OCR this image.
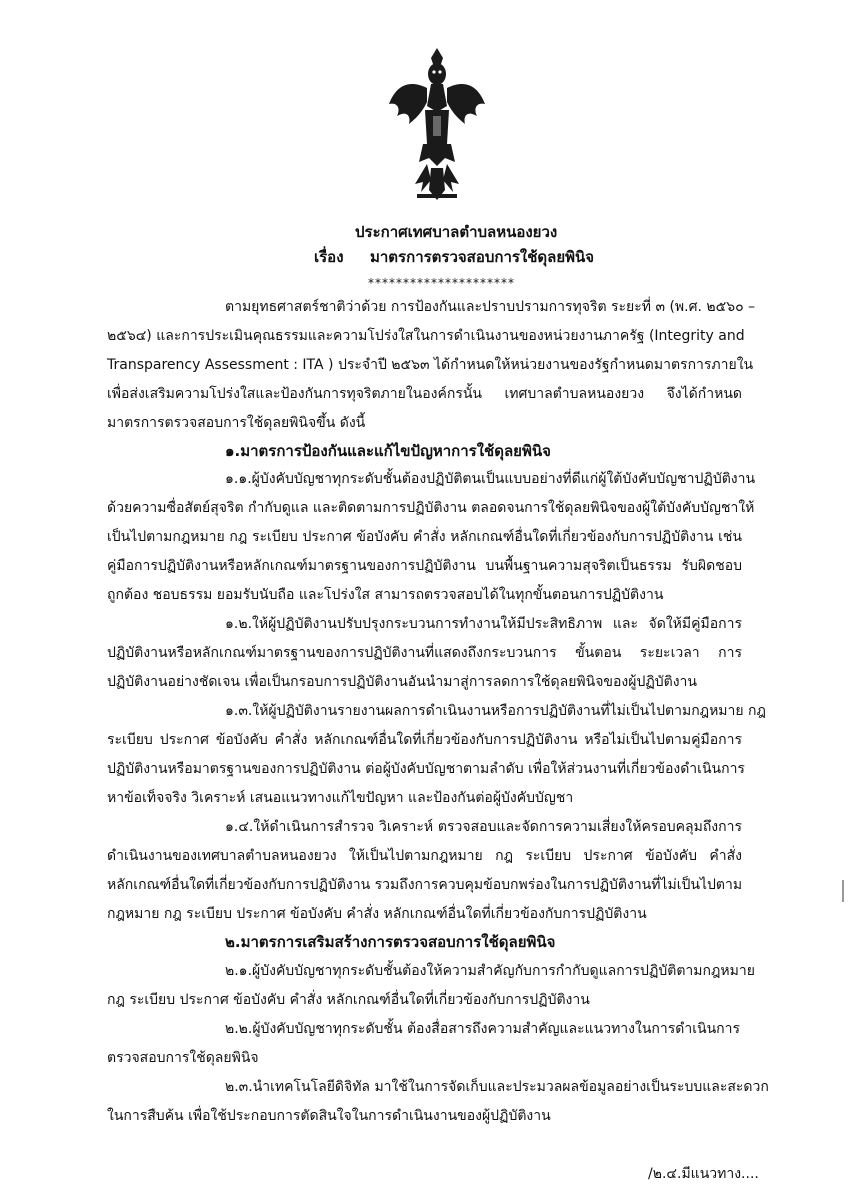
ประกาศเทศบาลตำบลหนองยวง
เรื่อง มาตรการตรวจสอบการใช้ดุลยพินิจ
*********************
ตามยุทธศาสตร์ชาติว่าด้วย การป้องกันและปราบปรามการทุจริต ระยะที่ ๓ (พ.ศ. ๒๕๖๐ –
๒๕๖๔) และการประเมินคุณธรรมและความโปร่งใสในการดำเนินงานของหน่วยงานภาครัฐ (Integrity and
Transparency Assessment : ITA ) ประจำปี ๒๕๖๓ ได้กำหนดให้หน่วยงานของรัฐกำหนดมาตรการภายใน
เพื่อส่งเสริมความโปร่งใสและป้องกันการทุจริตภายในองค์กรนั้น เทศบาลตำบลหนองยวง จึงได้กำหนด
มาตรการตรวจสอบการใช้ดุลยพินิจขึ้น ดังนี้
๑.มาตรการป้องกันและแก้ไขปัญหาการใช้ดุลยพินิจ
๑.๑.ผู้บังคับบัญชาทุกระดับชั้นต้องปฏิบัติตนเป็นแบบอย่างที่ดีแก่ผู้ใต้บังคับบัญชาปฏิบัติงาน
ด้วยความซื่อสัตย์สุจริต กำกับดูแล และติดตามการปฏิบัติงาน ตลอดจนการใช้ดุลยพินิจของผู้ใต้บังคับบัญชาให้
เป็นไปตามกฎหมาย กฎ ระเบียบ ประกาศ ข้อบังคับ คำสั่ง หลักเกณฑ์อื่นใดที่เกี่ยวข้องกับการปฏิบัติงาน เช่น
คู่มือการปฏิบัติงานหรือหลักเกณฑ์มาตรฐานของการปฏิบัติงาน บนพื้นฐานความสุจริตเป็นธรรม รับผิดชอบ
ถูกต้อง ชอบธรรม ยอมรับนับถือ และโปร่งใส สามารถตรวจสอบได้ในทุกขั้นตอนการปฏิบัติงาน
๑.๒.ให้ผู้ปฏิบัติงานปรับปรุงกระบวนการทำงานให้มีประสิทธิภาพ และ จัดให้มีคู่มือการ
ปฏิบัติงานหรือหลักเกณฑ์มาตรฐานของการปฏิบัติงานที่แสดงถึงกระบวนการ ขั้นตอน ระยะเวลา การ
ปฏิบัติงานอย่างชัดเจน เพื่อเป็นกรอบการปฏิบัติงานอันนำมาสู่การลดการใช้ดุลยพินิจของผู้ปฏิบัติงาน
๑.๓.ให้ผู้ปฏิบัติงานรายงานผลการดำเนินงานหรือการปฏิบัติงานที่ไม่เป็นไปตามกฎหมาย กฎ
ระเบียบ ประกาศ ข้อบังคับ คำสั่ง หลักเกณฑ์อื่นใดที่เกี่ยวข้องกับการปฏิบัติงาน หรือไม่เป็นไปตามคู่มือการ
ปฏิบัติงานหรือมาตรฐานของการปฏิบัติงาน ต่อผู้บังคับบัญชาตามลำดับ เพื่อให้ส่วนงานที่เกี่ยวข้องดำเนินการ
หาข้อเท็จจริง วิเคราะห์ เสนอแนวทางแก้ไขปัญหา และป้องกันต่อผู้บังคับบัญชา
๑.๔.ให้ดำเนินการสำรวจ วิเคราะห์ ตรวจสอบและจัดการความเสี่ยงให้ครอบคลุมถึงการ
ดำเนินงานของเทศบาลตำบลหนองยวง ให้เป็นไปตามกฎหมาย กฎ ระเบียบ ประกาศ ข้อบังคับ คำสั่ง
หลักเกณฑ์อื่นใดที่เกี่ยวข้องกับการปฏิบัติงาน รวมถึงการควบคุมข้อบกพร่องในการปฏิบัติงานที่ไม่เป็นไปตาม
กฎหมาย กฎ ระเบียบ ประกาศ ข้อบังคับ คำสั่ง หลักเกณฑ์อื่นใดที่เกี่ยวข้องกับการปฏิบัติงาน
๒.มาตรการเสริมสร้างการตรวจสอบการใช้ดุลยพินิจ
๒.๑.ผู้บังคับบัญชาทุกระดับชั้นต้องให้ความสำคัญกับการกำกับดูแลการปฏิบัติตามกฎหมาย
กฎ ระเบียบ ประกาศ ข้อบังคับ คำสั่ง หลักเกณฑ์อื่นใดที่เกี่ยวข้องกับการปฏิบัติงาน
๒.๒.ผู้บังคับบัญชาทุกระดับชั้น ต้องสื่อสารถึงความสำคัญและแนวทางในการดำเนินการ
ตรวจสอบการใช้ดุลยพินิจ
๒.๓.นำเทคโนโลยีดิจิทัล มาใช้ในการจัดเก็บและประมวลผลข้อมูลอย่างเป็นระบบและสะดวก
ในการสืบค้น เพื่อใช้ประกอบการตัดสินใจในการดำเนินงานของผู้ปฏิบัติงาน
/๒.๔.มีแนวทาง....
